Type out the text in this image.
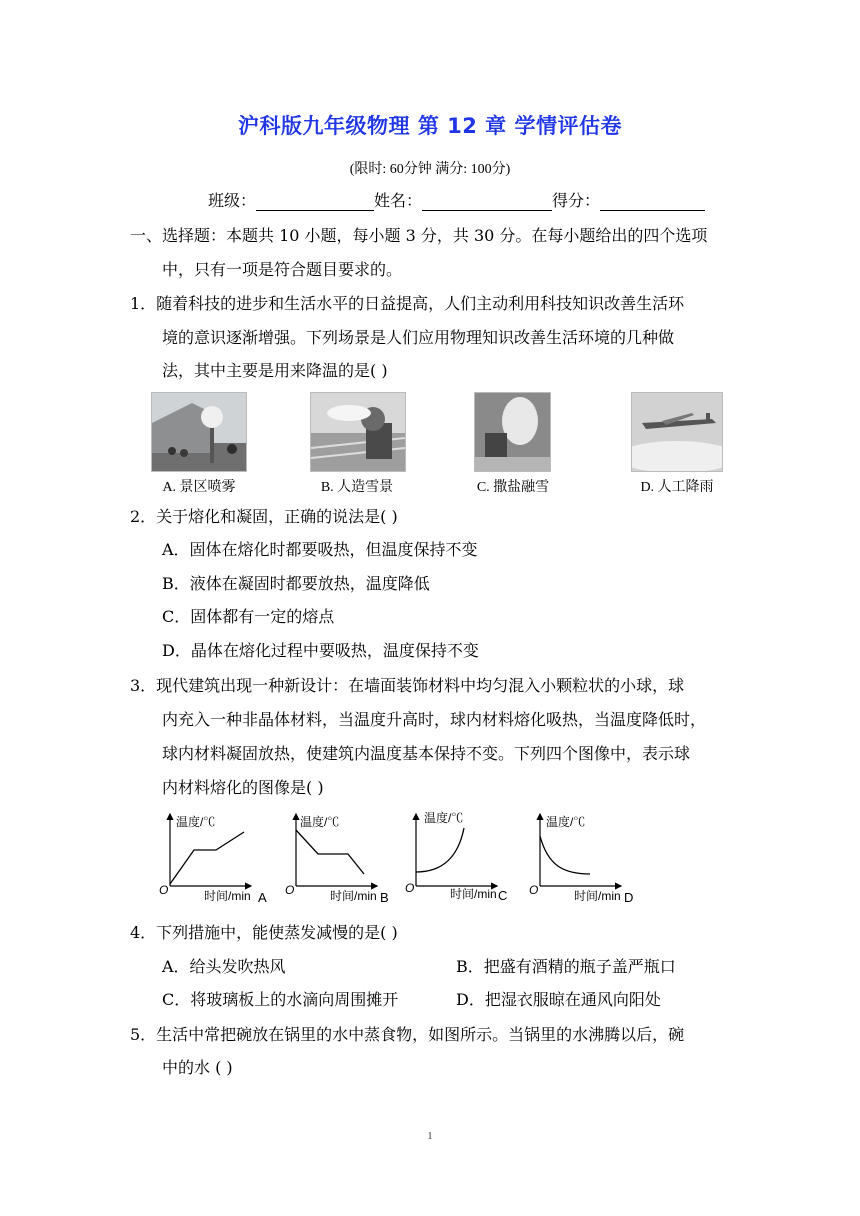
沪科版九年级物理 第 12 章 学情评估卷
(限时: 60分钟 满分: 100分)
班级：	姓名：	得分：
一、选择题：本题共 10 小题，每小题 3 分，共 30 分。在每小题给出的四个选项
中，只有一项是符合题目要求的。
1．随着科技的进步和生活水平的日益提高，人们主动利用科技知识改善生活环
境的意识逐渐增强。下列场景是人们应用物理知识改善生活环境的几种做
法，其中主要是用来降温的是( )
A. 景区喷雾	B. 人造雪景	C. 撒盐融雪	D. 人工降雨
2．关于熔化和凝固，正确的说法是( )
A．固体在熔化时都要吸热，但温度保持不变
B．液体在凝固时都要放热，温度降低
C．固体都有一定的熔点
D．晶体在熔化过程中要吸热，温度保持不变
3．现代建筑出现一种新设计：在墙面装饰材料中均匀混入小颗粒状的小球，球
内充入一种非晶体材料，当温度升高时，球内材料熔化吸热，当温度降低时，
球内材料凝固放热，使建筑内温度基本保持不变。下列四个图像中，表示球
内材料熔化的图像是( )
温度/℃
O	时间/min A
温度/℃
O	时间/min B
温度/℃
O	时间/min C
温度/℃
O	时间/min D
4．下列措施中，能使蒸发减慢的是( )
A．给头发吹热风	B．把盛有酒精的瓶子盖严瓶口
C．将玻璃板上的水滴向周围摊开	D．把湿衣服晾在通风向阳处
5．生活中常把碗放在锅里的水中蒸食物，如图所示。当锅里的水沸腾以后，碗
中的水 ( )
1
